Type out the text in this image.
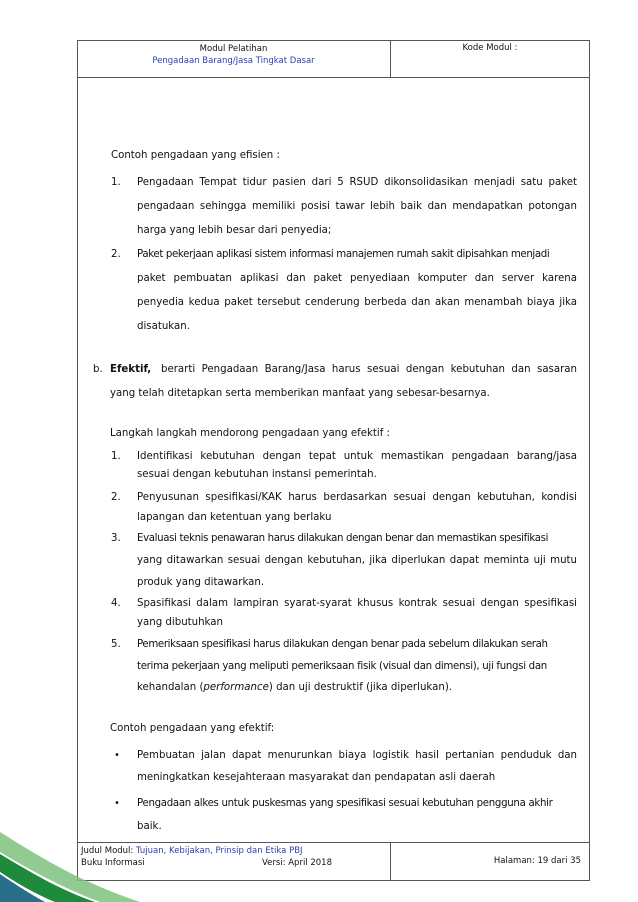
Modul Pelatihan
Pengadaan Barang/Jasa Tingkat Dasar
Kode Modul :
Contoh pengadaan yang efisien :
1. Pengadaan Tempat tidur pasien dari 5 RSUD dikonsolidasikan menjadi satu paket
pengadaan sehingga memiliki posisi tawar lebih baik dan mendapatkan potongan
harga yang lebih besar dari penyedia;
2. Paket pekerjaan aplikasi sistem informasi manajemen rumah sakit dipisahkan menjadi
paket pembuatan aplikasi dan paket penyediaan komputer dan server karena
penyedia kedua paket tersebut cenderung berbeda dan akan menambah biaya jika
disatukan.
b. Efektif, berarti Pengadaan Barang/Jasa harus sesuai dengan kebutuhan dan sasaran
yang telah ditetapkan serta memberikan manfaat yang sebesar-besarnya.
Langkah langkah mendorong pengadaan yang efektif :
1. Identifikasi kebutuhan dengan tepat untuk memastikan pengadaan barang/jasa
sesuai dengan kebutuhan instansi pemerintah.
2. Penyusunan spesifikasi/KAK harus berdasarkan sesuai dengan kebutuhan, kondisi
lapangan dan ketentuan yang berlaku
3. Evaluasi teknis penawaran harus dilakukan dengan benar dan memastikan spesifikasi
yang ditawarkan sesuai dengan kebutuhan, jika diperlukan dapat meminta uji mutu
produk yang ditawarkan.
4. Spasifikasi dalam lampiran syarat-syarat khusus kontrak sesuai dengan spesifikasi
yang dibutuhkan
5. Pemeriksaan spesifikasi harus dilakukan dengan benar pada sebelum dilakukan serah
terima pekerjaan yang meliputi pemeriksaan fisik (visual dan dimensi), uji fungsi dan
kehandalan (performance) dan uji destruktif (jika diperlukan).
Contoh pengadaan yang efektif:
• Pembuatan jalan dapat menurunkan biaya logistik hasil pertanian penduduk dan
meningkatkan kesejahteraan masyarakat dan pendapatan asli daerah
• Pengadaan alkes untuk puskesmas yang spesifikasi sesuai kebutuhan pengguna akhir
baik.
Judul Modul: Tujuan, Kebijakan, Prinsip dan Etika PBJ
Buku Informasi	Versi: April 2018	Halaman: 19 dari 35
